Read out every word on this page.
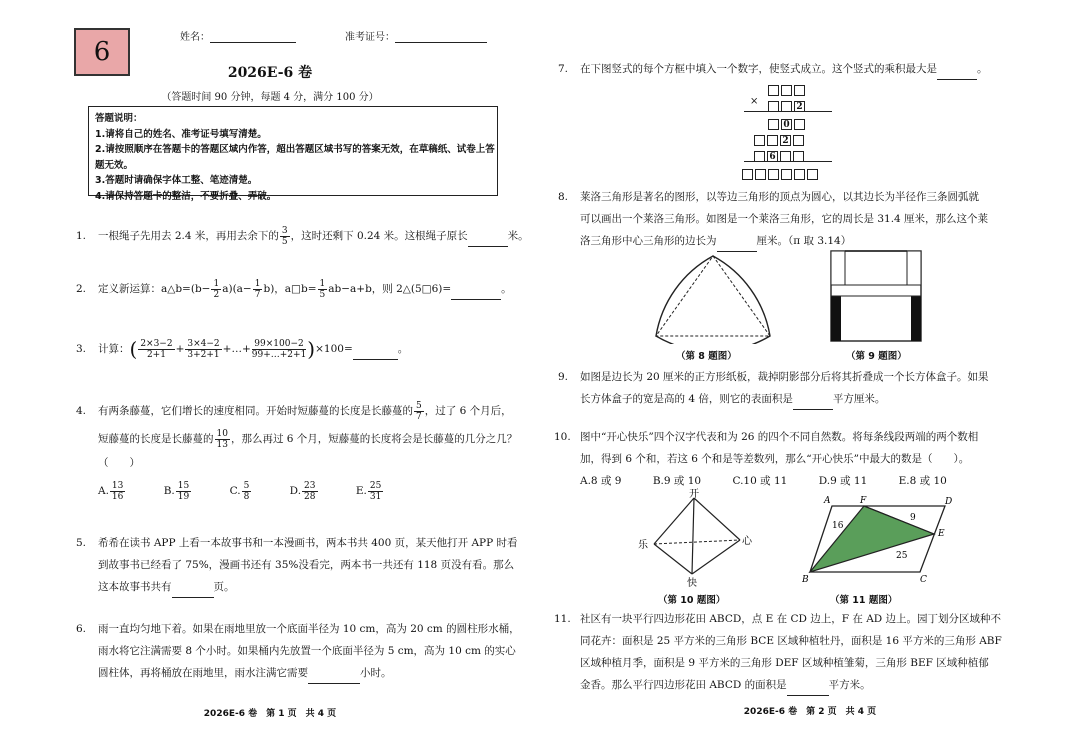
6	姓名：	准考证号：
2026E-6 卷
（答题时间 90 分钟，每题 4 分，满分 100 分）
答题说明：
1.请将自己的姓名、准考证号填写清楚。
2.请按照顺序在答题卡的答题区域内作答，超出答题区域书写的答案无效，在草稿纸、试卷上答
题无效。
3.答题时请确保字体工整、笔迹清楚。
4.请保持答题卡的整洁，不要折叠、弄破。
1. 一根绳子先用去 2.4 米，再用去余下的 $\frac{3}{5}$ ，这时还剩下 0.24 米。这根绳子原长	米。
2. 定义新运算：a△b=(b− $\frac{1}{2} a)(a- \frac{1}{7} b)$，a□b= $\frac{1}{5} ab-a+b$，则 2△(5□6)=	。
3. 计算：( $\frac{2\times 3-2}{2+1} + \frac{3\times 4-2}{3+2+1}$ +…+ $\frac{99\times 100-2}{99+\dots+2+1} )\times 100=$	。
4. 有两条藤蔓，它们增长的速度相同。开始时短藤蔓的长度是长藤蔓的 $\frac{5}{7}$ ，过了 6 个月后，
短藤蔓的长度是长藤蔓的 $\frac{10}{13}$ ，那么再过 6 个月，短藤蔓的长度将会是长藤蔓的几分之几？
（　　）
A. $\frac{13}{16}$	B. $\frac{15}{19}$	C. $\frac{5}{8}$	D. $\frac{23}{28}$	E. $\frac{25}{31}$
5. 希希在读书 APP 上看一本故事书和一本漫画书，两本书共 400 页，某天他打开 APP 时看
到故事书已经看了 75%，漫画书还有 35%没看完，两本书一共还有 118 页没有看。那么
这本故事书共有	页。
6. 雨一直均匀地下着。如果在雨地里放一个底面半径为 10 cm，高为 20 cm 的圆柱形水桶，
雨水将它注满需要 8 个小时。如果桶内先放置一个底面半径为 5 cm，高为 10 cm 的实心
圆柱体，再将桶放在雨地里，雨水注满它需要	小时。
2026E-6 卷　第 1 页　共 4 页
7. 在下图竖式的每个方框中填入一个数字，使竖式成立。这个竖式的乘积最大是	。
×	2
0
2
6
8. 莱洛三角形是著名的图形，以等边三角形的顶点为圆心，以其边长为半径作三条圆弧就
可以画出一个莱洛三角形。如图是一个莱洛三角形，它的周长是 31.4 厘米，那么这个莱
洛三角形中心三角形的边长为	厘米。（π 取 3.14）
（第 8 题图）	（第 9 题图）
9. 如图是边长为 20 厘米的正方形纸板，裁掉阴影部分后将其折叠成一个长方体盒子。如果
长方体盒子的宽是高的 4 倍，则它的表面积是	平方厘米。
10. 图中“开心快乐”四个汉字代表和为 26 的四个不同自然数。将每条线段两端的两个数相
加，得到 6 个和，若这 6 个和是等差数列，那么“开心快乐”中最大的数是（　　）。
A.8 或 9	B.9 或 10	C.10 或 11	D.9 或 11	E.8 或 10
开
乐	心
快
（第 10 题图）
A	F	D
E
B	C
16
9
25
（第 11 题图）
11. 社区有一块平行四边形花田 ABCD，点 E 在 CD 边上，F 在 AD 边上。园丁划分区域种不
同花卉：面积是 25 平方米的三角形 BCE 区域种植牡丹，面积是 16 平方米的三角形 ABF
区域种植月季，面积是 9 平方米的三角形 DEF 区域种植雏菊，三角形 BEF 区域种植郁
金香。那么平行四边形花田 ABCD 的面积是	平方米。
2026E-6 卷　第 2 页　共 4 页
